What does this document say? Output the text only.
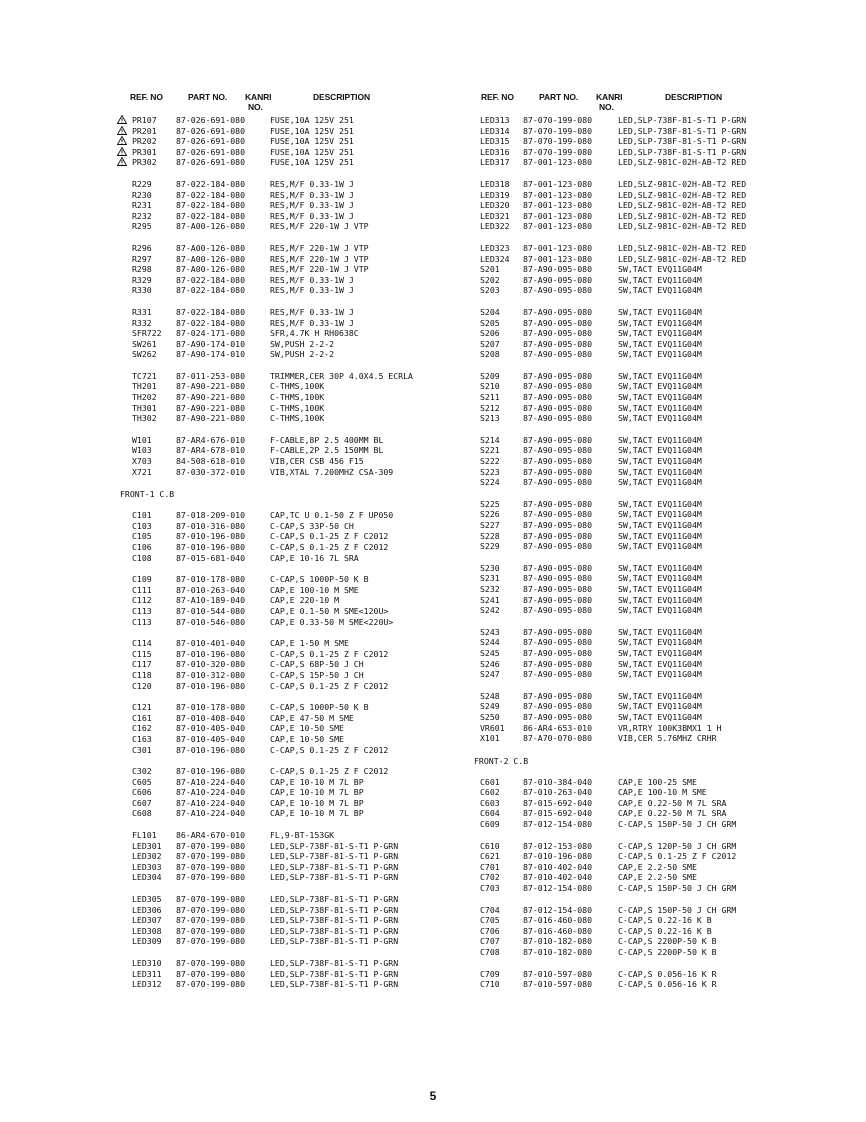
REF. NO	PART NO. KANRI
NO.
DESCRIPTION
PR107 87-026-691-080	FUSE,10A 125V 251
PR201 87-026-691-080	FUSE,10A 125V 251
PR202 87-026-691-080	FUSE,10A 125V 251
PR301 87-026-691-080	FUSE,10A 125V 251
PR302 87-026-691-080	FUSE,10A 125V 251
R229	87-022-184-080	RES,M/F 0.33-1W J
R230	87-022-184-080	RES,M/F 0.33-1W J
R231	87-022-184-080	RES,M/F 0.33-1W J
R232	87-022-184-080	RES,M/F 0.33-1W J
R295	87-A00-126-080	RES,M/F 220-1W J VTP
R296	87-A00-126-080	RES,M/F 220-1W J VTP
R297	87-A00-126-080	RES,M/F 220-1W J VTP
R298	87-A00-126-080	RES,M/F 220-1W J VTP
R329	87-022-184-080	RES,M/F 0.33-1W J
R330	87-022-184-080	RES,M/F 0.33-1W J
R331	87-022-184-080	RES,M/F 0.33-1W J
R332	87-022-184-080	RES,M/F 0.33-1W J
SFR722 87-024-171-080	SFR,4.7K H RH0638C
SW261 87-A90-174-010	SW,PUSH 2-2-2
SW262 87-A90-174-010	SW,PUSH 2-2-2
TC721 87-011-253-080	TRIMMER,CER 30P 4.0X4.5 ECRLA
TH201 87-A90-221-080	C-THMS,100K
TH202 87-A90-221-080	C-THMS,100K
TH301 87-A90-221-080	C-THMS,100K
TH302 87-A90-221-080	C-THMS,100K
W101	87-AR4-676-010	F-CABLE,8P 2.5 400MM BL
W103	87-AR4-678-010	F-CABLE,2P 2.5 150MM BL
X703	84-508-618-010	VIB,CER CSB 456 F15
X721	87-030-372-010	VIB,XTAL 7.200MHZ CSA-309
FRONT-1 C.B
C101	87-018-209-010	CAP,TC U 0.1-50 Z F UP050
C103	87-010-316-080	C-CAP,S 33P-50 CH
C105	87-010-196-080	C-CAP,S 0.1-25 Z F C2012
C106	87-010-196-080	C-CAP,S 0.1-25 Z F C2012
C108	87-015-681-040	CAP,E 10-16 7L SRA
C109	87-010-178-080	C-CAP,S 1000P-50 K B
C111	87-010-263-040	CAP,E 100-10 M SME
C112	87-A10-189-040	CAP,E 220-10 M
C113	87-010-544-080	CAP,E 0.1-50 M SME<120U>
C113	87-010-546-080	CAP,E 0.33-50 M SME<220U>
C114	87-010-401-040	CAP,E 1-50 M SME
C115	87-010-196-080	C-CAP,S 0.1-25 Z F C2012
C117	87-010-320-080	C-CAP,S 68P-50 J CH
C118	87-010-312-080	C-CAP,S 15P-50 J CH
C120	87-010-196-080	C-CAP,S 0.1-25 Z F C2012
C121	87-010-178-080	C-CAP,S 1000P-50 K B
C161	87-010-408-040	CAP,E 47-50 M SME
C162	87-010-405-040	CAP,E 10-50 SME
C163	87-010-405-040	CAP,E 10-50 SME
C301	87-010-196-080	C-CAP,S 0.1-25 Z F C2012
C302	87-010-196-080	C-CAP,S 0.1-25 Z F C2012
C605	87-A10-224-040	CAP,E 10-10 M 7L BP
C606	87-A10-224-040	CAP,E 10-10 M 7L BP
C607	87-A10-224-040	CAP,E 10-10 M 7L BP
C608	87-A10-224-040	CAP,E 10-10 M 7L BP
FL101 86-AR4-670-010	FL,9-BT-153GK
LED301 87-070-199-080	LED,SLP-738F-81-S-T1 P-GRN
LED302 87-070-199-080	LED,SLP-738F-81-S-T1 P-GRN
LED303 87-070-199-080	LED,SLP-738F-81-S-T1 P-GRN
LED304 87-070-199-080	LED,SLP-738F-81-S-T1 P-GRN
LED305 87-070-199-080	LED,SLP-738F-81-S-T1 P-GRN
LED306 87-070-199-080	LED,SLP-738F-81-S-T1 P-GRN
LED307 87-070-199-080	LED,SLP-738F-81-S-T1 P-GRN
LED308 87-070-199-080	LED,SLP-738F-81-S-T1 P-GRN
LED309 87-070-199-080	LED,SLP-738F-81-S-T1 P-GRN
LED310 87-070-199-080	LED,SLP-738F-81-S-T1 P-GRN
LED311 87-070-199-080	LED,SLP-738F-81-S-T1 P-GRN
LED312 87-070-199-080	LED,SLP-738F-81-S-T1 P-GRN
REF. NO	PART NO. KANRI
NO.
DESCRIPTION
LED313 87-070-199-080	LED,SLP-738F-81-S-T1 P-GRN
LED314 87-070-199-080	LED,SLP-738F-81-S-T1 P-GRN
LED315 87-070-199-080	LED,SLP-738F-81-S-T1 P-GRN
LED316 87-070-199-080	LED,SLP-738F-81-S-T1 P-GRN
LED317 87-001-123-080	LED,SLZ-981C-02H-AB-T2 RED
LED318 87-001-123-080	LED,SLZ-981C-02H-AB-T2 RED
LED319 87-001-123-080	LED,SLZ-981C-02H-AB-T2 RED
LED320 87-001-123-080	LED,SLZ-981C-02H-AB-T2 RED
LED321 87-001-123-080	LED,SLZ-981C-02H-AB-T2 RED
LED322 87-001-123-080	LED,SLZ-981C-02H-AB-T2 RED
LED323 87-001-123-080	LED,SLZ-981C-02H-AB-T2 RED
LED324 87-001-123-080	LED,SLZ-981C-02H-AB-T2 RED
S201	87-A90-095-080	SW,TACT EVQ11G04M
S202	87-A90-095-080	SW,TACT EVQ11G04M
S203	87-A90-095-080	SW,TACT EVQ11G04M
S204	87-A90-095-080	SW,TACT EVQ11G04M
S205	87-A90-095-080	SW,TACT EVQ11G04M
S206	87-A90-095-080	SW,TACT EVQ11G04M
S207	87-A90-095-080	SW,TACT EVQ11G04M
S208	87-A90-095-080	SW,TACT EVQ11G04M
S209	87-A90-095-080	SW,TACT EVQ11G04M
S210	87-A90-095-080	SW,TACT EVQ11G04M
S211	87-A90-095-080	SW,TACT EVQ11G04M
S212	87-A90-095-080	SW,TACT EVQ11G04M
S213	87-A90-095-080	SW,TACT EVQ11G04M
S214	87-A90-095-080	SW,TACT EVQ11G04M
S221	87-A90-095-080	SW,TACT EVQ11G04M
S222	87-A90-095-080	SW,TACT EVQ11G04M
S223	87-A90-095-080	SW,TACT EVQ11G04M
S224	87-A90-095-080	SW,TACT EVQ11G04M
S225	87-A90-095-080	SW,TACT EVQ11G04M
S226	87-A90-095-080	SW,TACT EVQ11G04M
S227	87-A90-095-080	SW,TACT EVQ11G04M
S228	87-A90-095-080	SW,TACT EVQ11G04M
S229	87-A90-095-080	SW,TACT EVQ11G04M
S230	87-A90-095-080	SW,TACT EVQ11G04M
S231	87-A90-095-080	SW,TACT EVQ11G04M
S232	87-A90-095-080	SW,TACT EVQ11G04M
S241	87-A90-095-080	SW,TACT EVQ11G04M
S242	87-A90-095-080	SW,TACT EVQ11G04M
S243	87-A90-095-080	SW,TACT EVQ11G04M
S244	87-A90-095-080	SW,TACT EVQ11G04M
S245	87-A90-095-080	SW,TACT EVQ11G04M
S246	87-A90-095-080	SW,TACT EVQ11G04M
S247	87-A90-095-080	SW,TACT EVQ11G04M
S248	87-A90-095-080	SW,TACT EVQ11G04M
S249	87-A90-095-080	SW,TACT EVQ11G04M
S250	87-A90-095-080	SW,TACT EVQ11G04M
VR601 86-AR4-653-010	VR,RTRY 100K3BMX1 1 H
X101	87-A70-070-080	VIB,CER 5.76MHZ CRHR
FRONT-2 C.B
C601	87-010-384-040	CAP,E 100-25 SME
C602	87-010-263-040	CAP,E 100-10 M SME
C603	87-015-692-040	CAP,E 0.22-50 M 7L SRA
C604	87-015-692-040	CAP,E 0.22-50 M 7L SRA
C609	87-012-154-080	C-CAP,S 150P-50 J CH GRM
C610	87-012-153-080	C-CAP,S 120P-50 J CH GRM
C621	87-010-196-080	C-CAP,S 0.1-25 Z F C2012
C701	87-010-402-040	CAP,E 2.2-50 SME
C702	87-010-402-040	CAP,E 2.2-50 SME
C703	87-012-154-080	C-CAP,S 150P-50 J CH GRM
C704	87-012-154-080	C-CAP,S 150P-50 J CH GRM
C705	87-016-460-080	C-CAP,S 0.22-16 K B
C706	87-016-460-080	C-CAP,S 0.22-16 K B
C707	87-010-182-080	C-CAP,S 2200P-50 K B
C708	87-010-182-080	C-CAP,S 2200P-50 K B
C709	87-010-597-080	C-CAP,S 0.056-16 K R
C710	87-010-597-080	C-CAP,S 0.056-16 K R
5
